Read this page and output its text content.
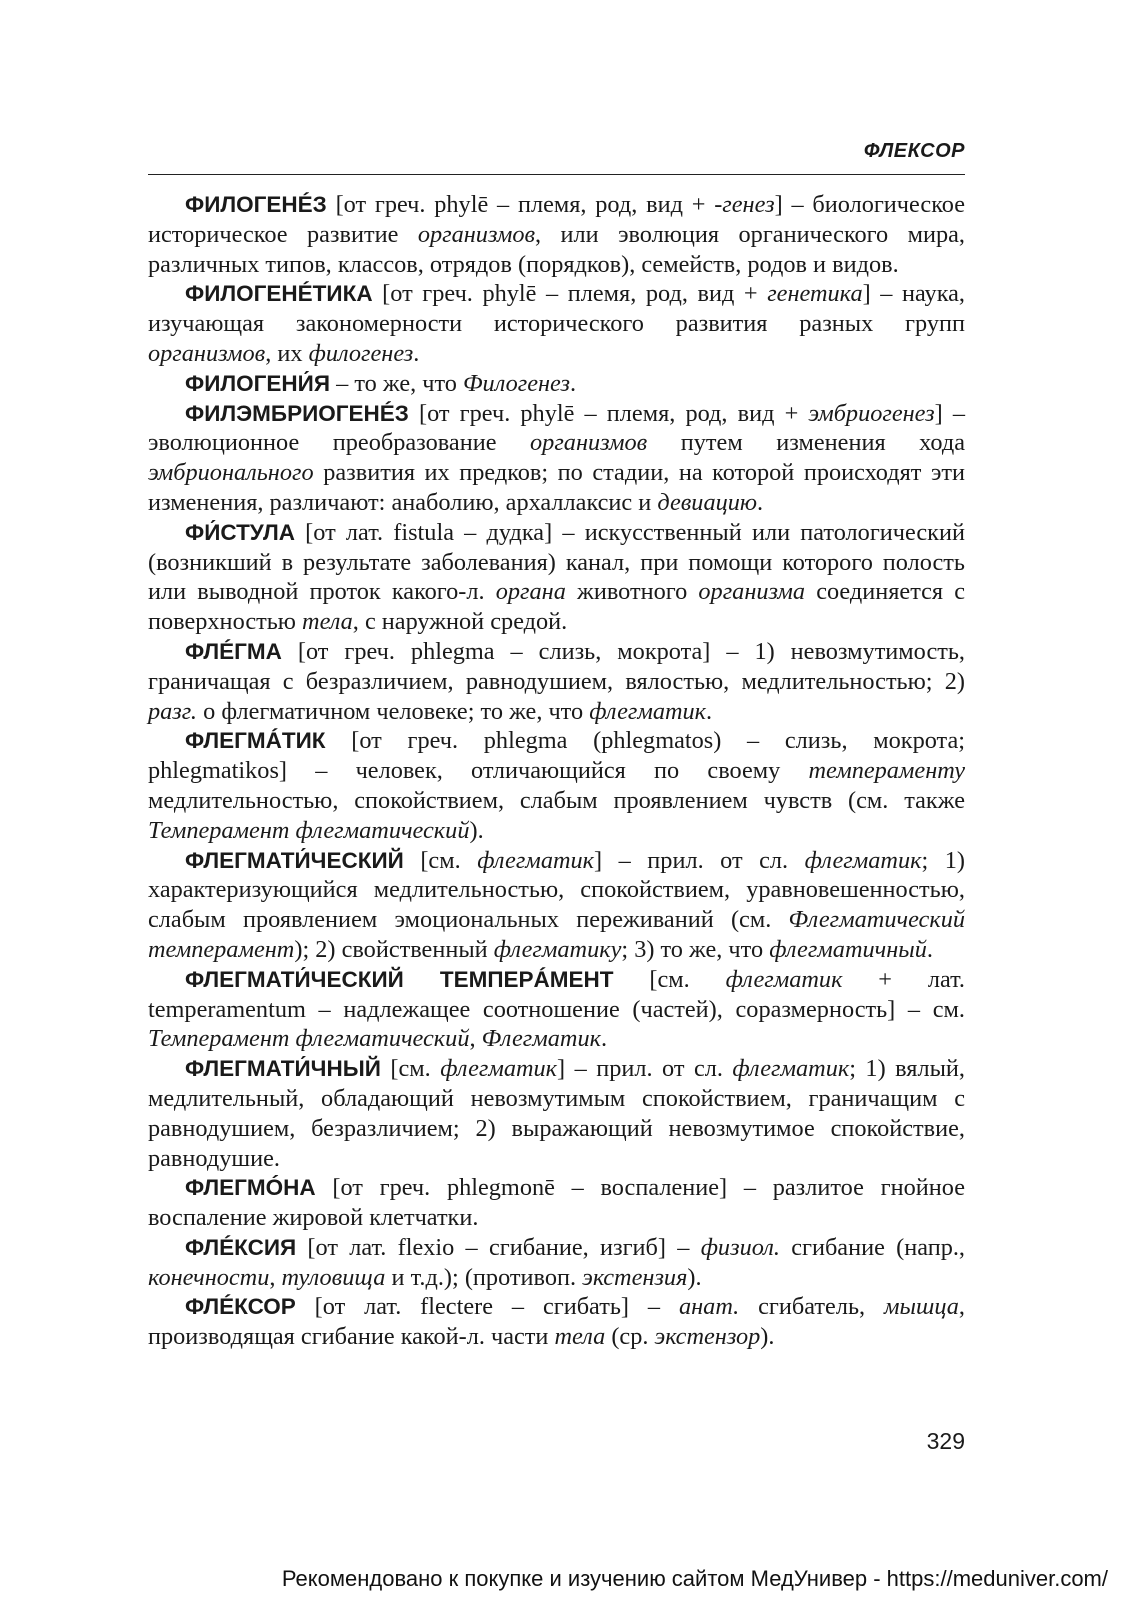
ФЛЕКСОР

ФИЛОГЕНÉЗ [от греч. phylē – племя, род, вид + -генез] – биологическое историческое развитие организмов, или эволюция органического мира, различных типов, классов, отрядов (порядков), семейств, родов и видов.

ФИЛОГЕНÉТИКА [от греч. phylē – племя, род, вид + генетика] – наука, изучающая закономерности исторического развития разных групп организмов, их филогенез.

ФИЛОГЕНИ́Я – то же, что Филогенез.

ФИЛЭМБРИОГЕНÉЗ [от греч. phylē – племя, род, вид + эмбриогенез] – эволюционное преобразование организмов путем изменения хода эмбрионального развития их предков; по стадии, на которой происходят эти изменения, различают: анаболию, архаллаксис и девиацию.

ФИ́СТУЛА [от лат. fistula – дудка] – искусственный или патологический (возникший в результате заболевания) канал, при помощи которого полость или выводной проток какого-л. органа животного организма соединяется с поверхностью тела, с наружной средой.

ФЛÉГМА [от греч. phlegma – слизь, мокрота] – 1) невозмутимость, граничащая с безразличием, равнодушием, вялостью, медлительностью; 2) разг. о флегматичном человеке; то же, что флегматик.

ФЛЕГМÁТИК [от греч. phlegma (phlegmatos) – слизь, мокрота; phlegmatikos] – человек, отличающийся по своему темпераменту медлительностью, спокойствием, слабым проявлением чувств (см. также Темперамент флегматический).

ФЛЕГМАТИ́ЧЕСКИЙ [см. флегматик] – прил. от сл. флегматик; 1) характеризующийся медлительностью, спокойствием, уравновешенностью, слабым проявлением эмоциональных переживаний (см. Флегматический темперамент); 2) свойственный флегматику; 3) то же, что флегматичный.

ФЛЕГМАТИ́ЧЕСКИЙ ТЕМПЕРÁМЕНТ [см. флегматик + лат. temperamentum – надлежащее соотношение (частей), соразмерность] – см. Темперамент флегматический, Флегматик.

ФЛЕГМАТИ́ЧНЫЙ [см. флегматик] – прил. от сл. флегматик; 1) вялый, медлительный, обладающий невозмутимым спокойствием, граничащим с равнодушием, безразличием; 2) выражающий невозмутимое спокойствие, равнодушие.

ФЛЕГМÓНА [от греч. phlegmonē – воспаление] – разлитое гнойное воспаление жировой клетчатки.

ФЛÉКСИЯ [от лат. flexio – сгибание, изгиб] – физиол. сгибание (напр., конечности, туловища и т.д.); (противоп. экстензия).

ФЛÉКСОР [от лат. flectere – сгибать] – анат. сгибатель, мышца, производящая сгибание какой-л. части тела (ср. экстензор).

329
Рекомендовано к покупке и изучению сайтом МедУнивер - https://meduniver.com/
